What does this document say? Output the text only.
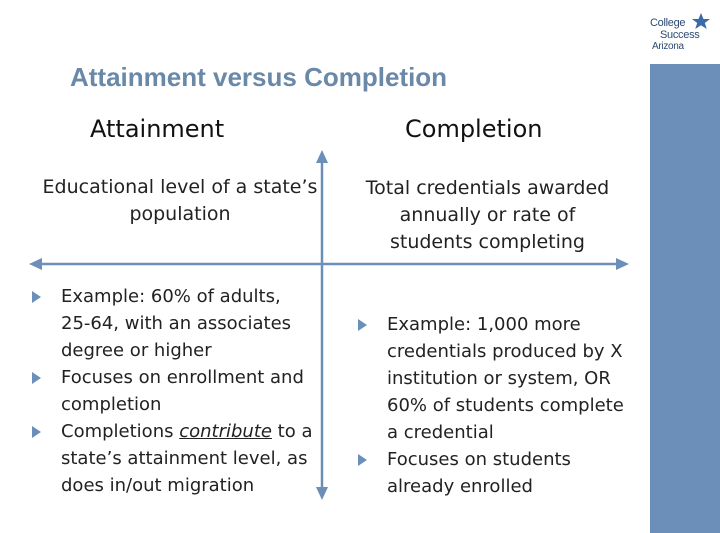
College
Success
Arizona
Attainment versus Completion
Attainment	Completion

Educational level of a state’s population

Total credentials awarded annually or rate of students completing

Example: 60% of adults, 25-64, with an associates degree or higher
Focuses on enrollment and completion
Completions contribute to a state’s attainment level, as does in/out migration
Example: 1,000 more credentials produced by X institution or system, OR 60% of students complete a credential
Focuses on students already enrolled
